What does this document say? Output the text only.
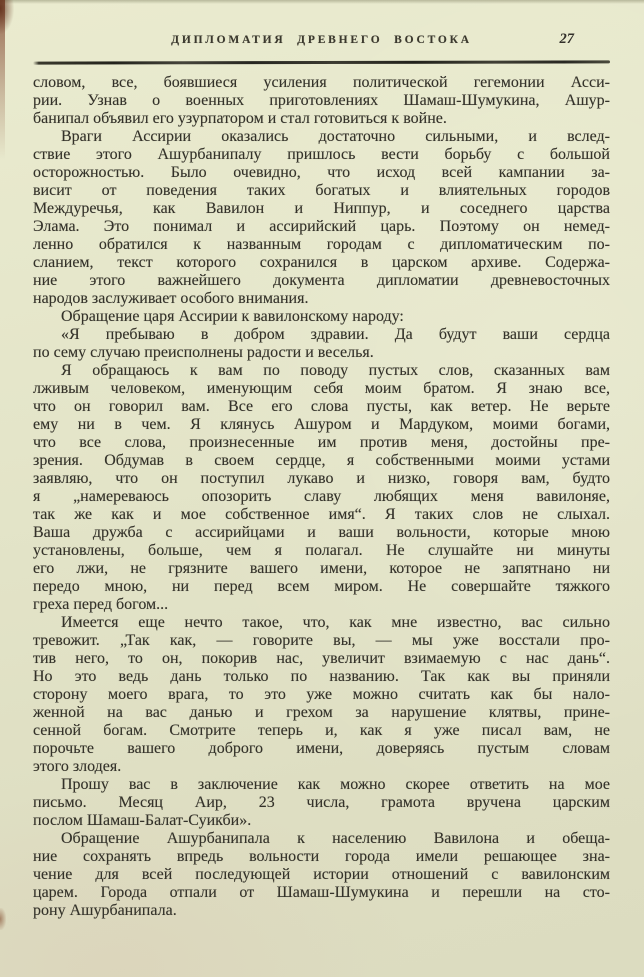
ДИПЛОМАТИЯ ДРЕВНЕГО ВОСТОКА	27
словом, все, боявшиеся усиления политической гегемонии Асси-
рии. Узнав о военных приготовлениях Шамаш-Шумукина, Ашур-
банипал объявил его узурпатором и стал готовиться к войне.
Враги Ассирии оказались достаточно сильными, и вслед-
ствие этого Ашурбанипалу пришлось вести борьбу с большой
осторожностью. Было очевидно, что исход всей кампании за-
висит от поведения таких богатых и влиятельных городов
Междуречья, как Вавилон и Ниппур, и соседнего царства
Элама. Это понимал и ассирийский царь. Поэтому он немед-
ленно обратился к названным городам с дипломатическим по-
сланием, текст которого сохранился в царском архиве. Содержа-
ние этого важнейшего документа дипломатии древневосточных
народов заслуживает особого внимания.
Обращение царя Ассирии к вавилонскому народу:
«Я пребываю в добром здравии. Да будут ваши сердца
по сему случаю преисполнены радости и веселья.
Я обращаюсь к вам по поводу пустых слов, сказанных вам
лживым человеком, именующим себя моим братом. Я знаю все,
что он говорил вам. Все его слова пусты, как ветер. Не верьте
ему ни в чем. Я клянусь Ашуром и Мардуком, моими богами,
что все слова, произнесенные им против меня, достойны пре-
зрения. Обдумав в своем сердце, я собственными моими устами
заявляю, что он поступил лукаво и низко, говоря вам, будто
я „намереваюсь опозорить славу любящих меня вавилоняе,
так же как и мое собственное имя“. Я таких слов не слыхал.
Ваша дружба с ассирийцами и ваши вольности, которые мною
установлены, больше, чем я полагал. Не слушайте ни минуты
его лжи, не грязните вашего имени, которое не запятнано ни
передо мною, ни перед всем миром. Не совершайте тяжкого
греха перед богом...
Имеется еще нечто такое, что, как мне известно, вас сильно
тревожит. „Так как, — говорите вы, — мы уже восстали про-
тив него, то он, покорив нас, увеличит взимаемую с нас дань“.
Но это ведь дань только по названию. Так как вы приняли
сторону моего врага, то это уже можно считать как бы нало-
женной на вас данью и грехом за нарушение клятвы, прине-
сенной богам. Смотрите теперь и, как я уже писал вам, не
порочьте вашего доброго имени, доверяясь пустым словам
этого злодея.
Прошу вас в заключение как можно скорее ответить на мое
письмо. Месяц Аир, 23 числа, грамота вручена царским
послом Шамаш-Балат-Суикби».
Обращение Ашурбанипала к населению Вавилона и обеща-
ние сохранять впредь вольности города имели решающее зна-
чение для всей последующей истории отношений с вавилонским
царем. Города отпали от Шамаш-Шумукина и перешли на сто-
рону Ашурбанипала.
